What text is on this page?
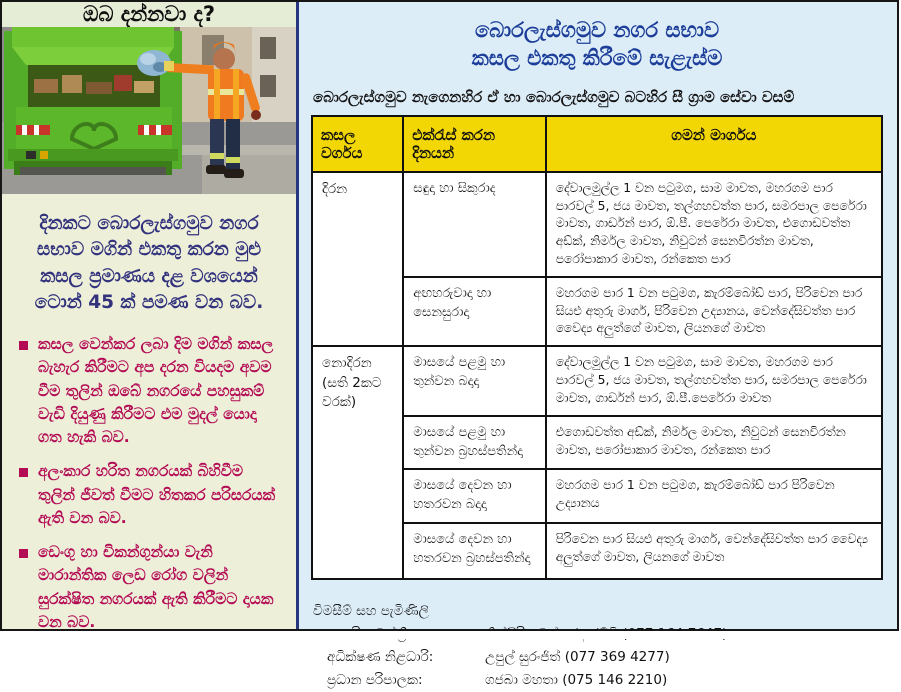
ඔබ දන්නවා ද?

දිනකට බොරලැස්ගමුව නගර සභාව මගින් එකතු කරන මුළු කසල ප්‍රමාණය දළ වශයෙන් ටොන් 45 ක් පමණ වන බව.

කසල වෙන්කර ලබා දිම මගින් කසල බැහැර කිරීමට අප දරන වියදම අවම වීම තුලින් ඔබේ නගරයේ පහසුකම් වැඩි දියුණු කිරීමට එම මුදල් යොදා ගත හැකි බව.
අලංකාර හරිත නගරයක් බිහිවීම තුලින් ජීවත් වීමට හිතකර පරිසරයක් ඇති වන බව.
ඩෙංගු හා චිකන්ගුන්යා වැනි මාරාන්තික ලෙඩ රෝග වලින් සුරක්ෂිත නගරයක් ඇති කිරීමට දායක වන බව.
බොරලැස්ගමුව නගර සභාව
කසල එකතු කිරීමේ සැළැස්ම
බොරලැස්ගමුව නැගෙනහිර ඒ හා බොරලැස්ගමුව බටහිර සී ග්‍රාම සේවා වසම්
කසල වර්ගය	එක්රැස් කරන දිනයන්	ගමන් මාර්ගය
දිරන	සඳුදා හා සිකුරාද	දේවාලමුල්ල 1 වන පටුමග, සාම මාවත, මහරගම පාර පාරවල් 5, ජය මාවත, තල්ගහවත්ත පාර, සමරපාල පෙරේරා මාවත, ගාර්ඩන් පාර, ඕ.පී. පෙරේරා මාවත, එගොඩවත්ත අඩ්ක්, නිර්මල මාවත, නිවුටන් සෙනවිරත්න මාවත, පරෝපාකාර මාවත, රන්කෙත පාර
	අඟහරුවාදා හා සෙනසුරාදා	මහරගම පාර 1 වන පටුමග, කැරම්බෝඩ් පාර, පිරිවෙන පාර සියළු අතුරු මාර්ග, පිරිවෙන උද්‍යානය, වෙන්දේසිවත්ත පාර වෛද්‍ය අලුත්ගේ මාවත, ලියනගේ මාවත
නොදිරන (සති 2කට වරක්)	මාසයේ පළමු හා තුන්වන බදාදා	දේවාලමුල්ල 1 වන පටුමග, සාම මාවත, මහරගම පාර පාරවල් 5, ජය මාවත, තල්ගහවත්ත පාර, සමරපාල පෙරේරා මාවත, ගාර්ඩන් පාර, ඕ.පී.පෙරේරා මාවත
	මාසයේ පළමු හා තුන්වන බ්‍රහස්පතින්දා	එගොඩවත්ත අඩ්ක්, නිර්මල මාවත, නිවුටන් සෙනවිරත්න මාවත, පරෝපාකාර මාවත, රන්කෙත පාර
	මාසයේ දෙවන හා හතරවන බදාදා	මහරගම පාර 1 වන පටුමග, කැරම්බෝඩ් පාර පිරිවෙන උද්‍යානය
	මාසයේ දෙවන හා හතරවන බ්‍රහස්පතින්දා	පිරිවෙන පාර සියළු අතුරු මාර්ග, වෙන්දේසිවත්ත පාර වෛද්‍ය අලුත්ගේ මාවත, ලියනගේ මාවත
විමසීම් සහ පැමිණිලි
අධික්ෂණ නිළධාරි:	උපුල් සුරංජිත් (077 369 4277)
ප්‍රධාන පරිපාලක:	ගජබා මහතා (075 146 2210)
